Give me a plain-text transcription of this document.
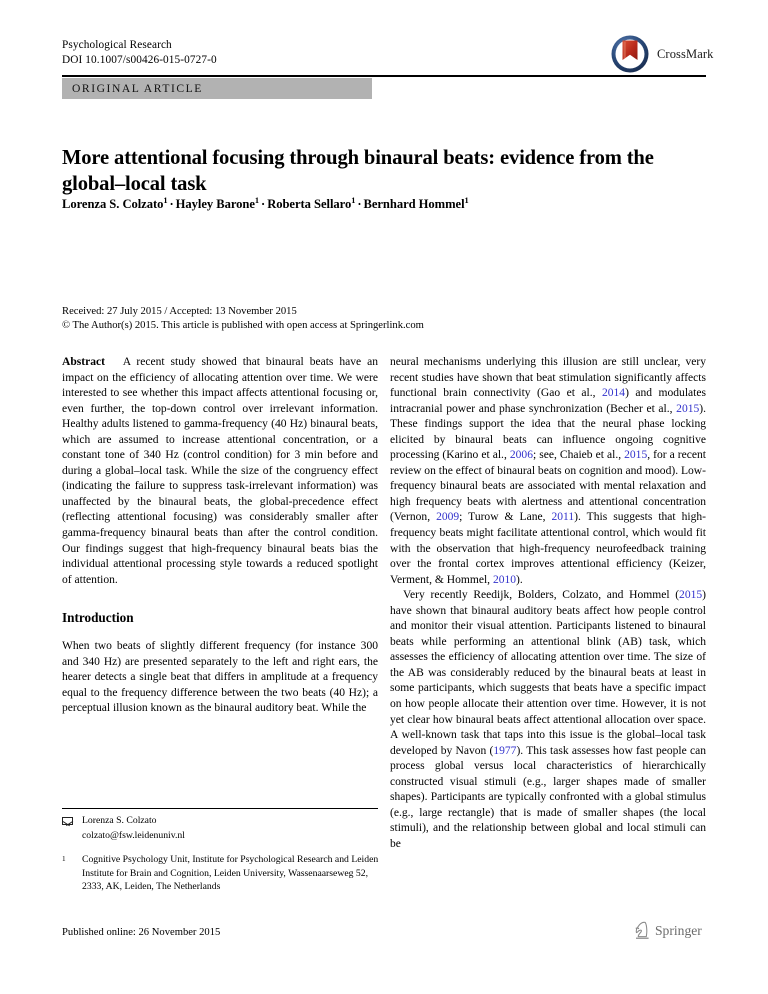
Psychological Research
DOI 10.1007/s00426-015-0727-0	CrossMark
ORIGINAL ARTICLE
More attentional focusing through binaural beats: evidence from the global–local task
Lorenza S. Colzato$^1$ · Hayley Barone$^1$ · Roberta Sellaro$^1$ · Bernhard Hommel$^1$
Received: 27 July 2015 / Accepted: 13 November 2015
© The Author(s) 2015. This article is published with open access at Springerlink.com

Abstract A recent study showed that binaural beats have an impact on the efficiency of allocating attention over time. We were interested to see whether this impact affects attentional focusing or, even further, the top-down control over irrelevant information. Healthy adults listened to gamma-frequency (40 Hz) binaural beats, which are assumed to increase attentional concentration, or a constant tone of 340 Hz (control condition) for 3 min before and during a global–local task. While the size of the congruency effect (indicating the failure to suppress task-irrelevant information) was unaffected by the binaural beats, the global-precedence effect (reflecting attentional focusing) was considerably smaller after gamma-frequency binaural beats than after the control condition. Our findings suggest that high-frequency binaural beats bias the individual attentional processing style towards a reduced spotlight of attention.

Introduction

When two beats of slightly different frequency (for instance 300 and 340 Hz) are presented separately to the left and right ears, the hearer detects a single beat that differs in amplitude at a frequency equal to the frequency difference between the two beats (40 Hz); a perceptual illusion known as the binaural auditory beat. While the

neural mechanisms underlying this illusion are still unclear, very recent studies have shown that beat stimulation significantly affects functional brain connectivity (Gao et al., 2014) and modulates intracranial power and phase synchronization (Becher et al., 2015). These findings support the idea that the neural phase locking elicited by binaural beats can influence ongoing cognitive processing (Karino et al., 2006; see, Chaieb et al., 2015, for a recent review on the effect of binaural beats on cognition and mood). Low-frequency binaural beats are associated with mental relaxation and high frequency beats with alertness and attentional concentration (Vernon, 2009; Turow & Lane, 2011). This suggests that high-frequency beats might facilitate attentional control, which would fit with the observation that high-frequency neurofeedback training over the frontal cortex improves attentional efficiency (Keizer, Verment, & Hommel, 2010).

Very recently Reedijk, Bolders, Colzato, and Hommel (2015) have shown that binaural auditory beats affect how people control and monitor their visual attention. Participants listened to binaural beats while performing an attentional blink (AB) task, which assesses the efficiency of allocating attention over time. The size of the AB was considerably reduced by the binaural beats at least in some participants, which suggests that beats have a specific impact on how people allocate their attention over time. However, it is not yet clear how binaural beats affect attentional allocation over space. A well-known task that taps into this issue is the global–local task developed by Navon (1977). This task assesses how fast people can process global versus local characteristics of hierarchically constructed visual stimuli (e.g., larger shapes made of smaller shapes). Participants are typically confronted with a global stimulus (e.g., large rectangle) that is made of smaller shapes (the local stimuli), and the relationship between global and local stimuli can be

Lorenza S. Colzato
colzato@fsw.leidenuniv.nl
1	Cognitive Psychology Unit, Institute for Psychological Research and Leiden Institute for Brain and Cognition, Leiden University, Wassenaarseweg 52, 2333, AK, Leiden, The Netherlands
Published online: 26 November 2015	Springer
